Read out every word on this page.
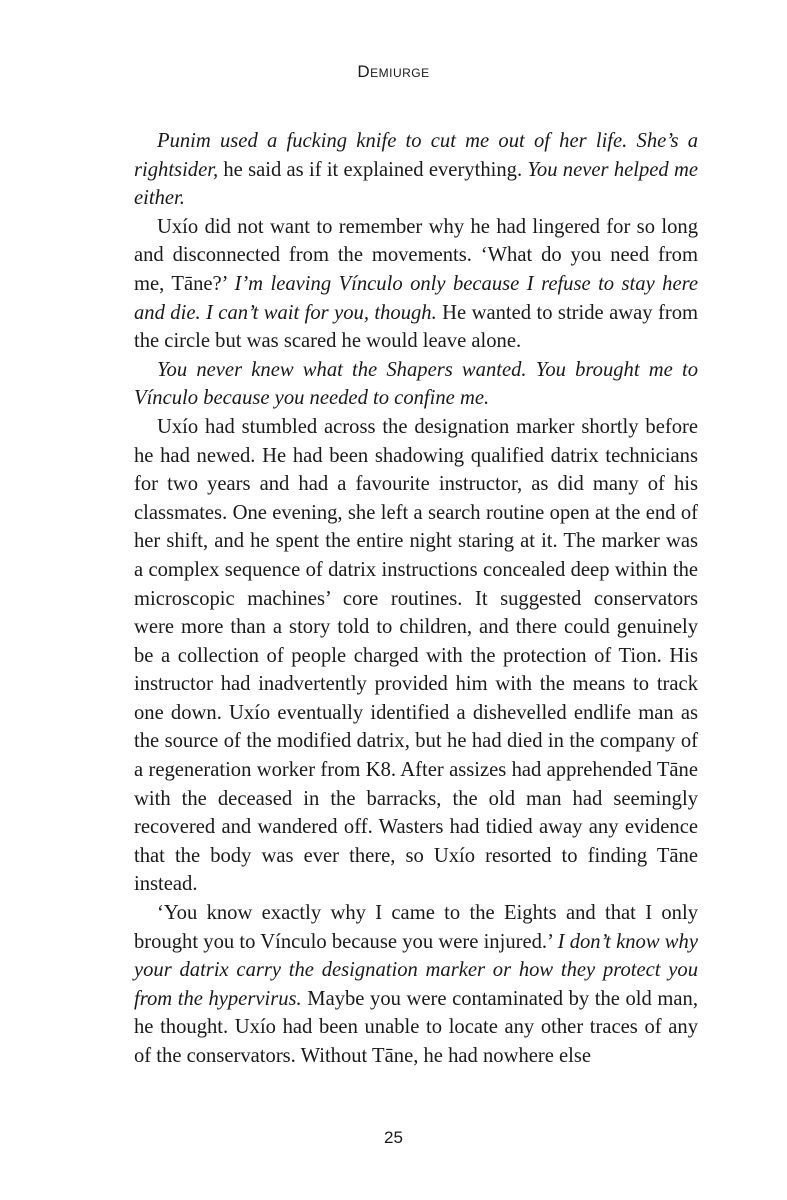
Demiurge

Punim used a fucking knife to cut me out of her life. She’s a rightsider, he said as if it explained everything. You never helped me either.

Uxío did not want to remember why he had lingered for so long and disconnected from the movements. ‘What do you need from me, Tāne?’ I’m leaving Vínculo only because I refuse to stay here and die. I can’t wait for you, though. He wanted to stride away from the circle but was scared he would leave alone.

You never knew what the Shapers wanted. You brought me to Vínculo because you needed to confine me.

Uxío had stumbled across the designation marker shortly before he had newed. He had been shadowing qualified datrix technicians for two years and had a favourite instructor, as did many of his classmates. One evening, she left a search routine open at the end of her shift, and he spent the entire night staring at it. The marker was a complex sequence of datrix instructions concealed deep within the microscopic machines’ core routines. It suggested conservators were more than a story told to children, and there could genuinely be a collection of people charged with the protection of Tion. His instructor had inadvertently provided him with the means to track one down. Uxío eventually identified a dishevelled endlife man as the source of the modified datrix, but he had died in the company of a regeneration worker from K8. After assizes had apprehended Tāne with the deceased in the barracks, the old man had seemingly recovered and wandered off. Wasters had tidied away any evidence that the body was ever there, so Uxío resorted to finding Tāne instead.

‘You know exactly why I came to the Eights and that I only brought you to Vínculo because you were injured.’ I don’t know why your datrix carry the designation marker or how they protect you from the hypervirus. Maybe you were contaminated by the old man, he thought. Uxío had been unable to locate any other traces of any of the conservators. Without Tāne, he had nowhere else

25
